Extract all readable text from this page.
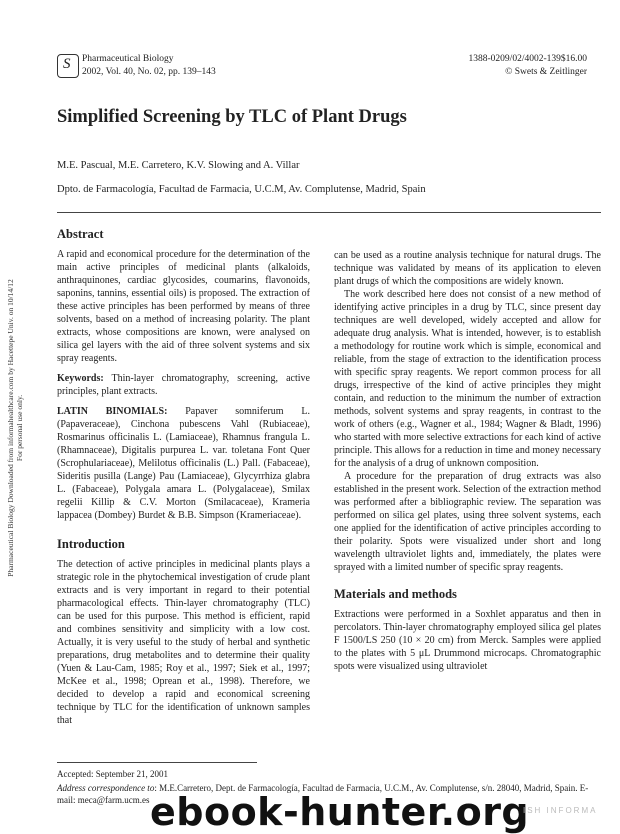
S Pharmaceutical Biology
2002, Vol. 40, No. 02, pp. 139–143
1388-0209/02/4002-139$16.00
© Swets & Zeitlinger
Simplified Screening by TLC of Plant Drugs
M.E. Pascual, M.E. Carretero, K.V. Slowing and A. Villar
Dpto. de Farmacología, Facultad de Farmacia, U.C.M, Av. Complutense, Madrid, Spain
Pharmaceutical Biology Downloaded from informahealthcare.com by Hacettepe Univ. on 10/14/12 For personal use only.
Abstract

A rapid and economical procedure for the determination of the main active principles of medicinal plants (alkaloids, anthraquinones, cardiac glycosides, coumarins, flavonoids, saponins, tannins, essential oils) is proposed. The extraction of these active principles has been performed by means of three solvents, based on a method of increasing polarity. The plant extracts, whose compositions are known, were analysed on silica gel layers with the aid of three solvent systems and six spray reagents.

Keywords: Thin-layer chromatography, screening, active principles, plant extracts.

LATIN BINOMIALS: Papaver somniferum L. (Papaveraceae), Cinchona pubescens Vahl (Rubiaceae), Rosmarinus officinalis L. (Lamiaceae), Rhamnus frangula L. (Rhamnaceae), Digitalis purpurea L. var. toletana Font Quer (Scrophulariaceae), Melilotus officinalis (L.) Pall. (Fabaceae), Sideritis pusilla (Lange) Pau (Lamiaceae), Glycyrrhiza glabra L. (Fabaceae), Polygala amara L. (Polygalaceae), Smilax regelii Killip & C.V. Morton (Smilacaceae), Krameria lappacea (Dombey) Burdet & B.B. Simpson (Krameriaceae).

Introduction

The detection of active principles in medicinal plants plays a strategic role in the phytochemical investigation of crude plant extracts and is very important in regard to their potential pharmacological effects. Thin-layer chromatography (TLC) can be used for this purpose. This method is efficient, rapid and combines sensitivity and simplicity with a low cost. Actually, it is very useful to the study of herbal and synthetic preparations, drug metabolites and to determine their quality (Yuen & Lau-Cam, 1985; Roy et al., 1997; Siek et al., 1997; McKee et al., 1998; Oprean et al., 1998). Therefore, we decided to develop a rapid and economical screening technique by TLC for the identification of unknown samples that

can be used as a routine analysis technique for natural drugs. The technique was validated by means of its application to eleven plant drugs of which the compositions are widely known.

The work described here does not consist of a new method of identifying active principles in a drug by TLC, since present day techniques are well developed, widely accepted and allow for adequate drug analysis. What is intended, however, is to establish a methodology for routine work which is simple, economical and reliable, from the stage of extraction to the identification process with specific spray reagents. We report common process for all drugs, irrespective of the kind of active principles they might contain, and reduction to the minimum the number of extraction methods, solvent systems and spray reagents, in contrast to the work of others (e.g., Wagner et al., 1984; Wagner & Bladt, 1996) who started with more selective extractions for each kind of active principle. This allows for a reduction in time and money necessary for the analysis of a drug of unknown composition.

A procedure for the preparation of drug extracts was also established in the present work. Selection of the extraction method was performed after a bibliographic review. The separation was performed on silica gel plates, using three solvent systems, each one applied for the identification of active principles according to their polarity. Spots were visualized under short and long wavelength ultraviolet lights and, immediately, the plates were sprayed with a limited number of specific spray reagents.

Materials and methods

Extractions were performed in a Soxhlet apparatus and then in percolators. Thin-layer chromatography employed silica gel plates F 1500/LS 250 (10 × 20 cm) from Merck. Samples were applied to the plates with 5 μL Drummond microcaps. Chromatographic spots were visualized using ultraviolet

Accepted: September 21, 2001
Address correspondence to: M.E.Carretero, Dept. de Farmacología, Facultad de Farmacia, U.C.M., Av. Complutense, s/n. 28040, Madrid, Spain. E-mail: meca@farm.ucm.es ebook-hunter.org
ISH INFORMA
